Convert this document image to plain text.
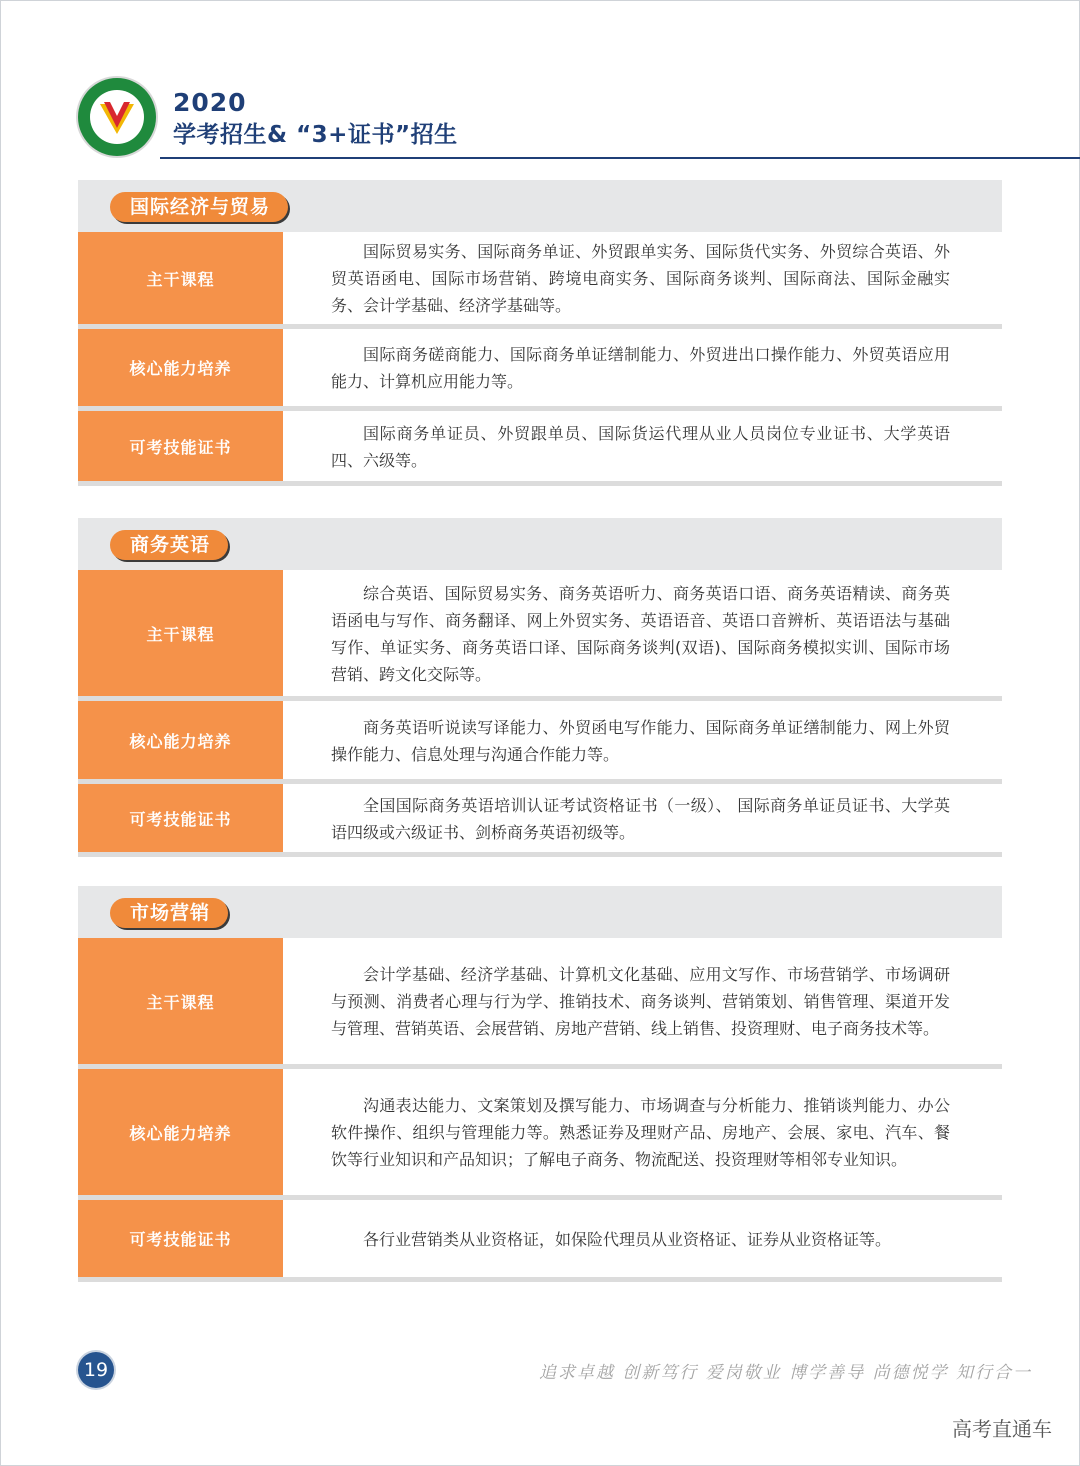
2020
学考招生& “3+证书”招生
国际经济与贸易
主干课程
国际贸易实务、国际商务单证、外贸跟单实务、国际货代实务、外贸综合英语、外贸英语函电、国际市场营销、跨境电商实务、国际商务谈判、国际商法、国际金融实务、会计学基础、经济学基础等。
核心能力培养
国际商务磋商能力、国际商务单证缮制能力、外贸进出口操作能力、外贸英语应用能力、计算机应用能力等。
可考技能证书
国际商务单证员、外贸跟单员、国际货运代理从业人员岗位专业证书、大学英语四、六级等。
商务英语
主干课程
综合英语、国际贸易实务、商务英语听力、商务英语口语、商务英语精读、商务英语函电与写作、商务翻译、网上外贸实务、英语语音、英语口音辨析、英语语法与基础写作、单证实务、商务英语口译、国际商务谈判(双语)、国际商务模拟实训、国际市场营销、跨文化交际等。
核心能力培养
商务英语听说读写译能力、外贸函电写作能力、国际商务单证缮制能力、网上外贸操作能力、信息处理与沟通合作能力等。
可考技能证书
全国国际商务英语培训认证考试资格证书（一级）、 国际商务单证员证书、大学英语四级或六级证书、剑桥商务英语初级等。
市场营销
主干课程
会计学基础、经济学基础、计算机文化基础、应用文写作、市场营销学、市场调研与预测、消费者心理与行为学、推销技术、商务谈判、营销策划、销售管理、渠道开发与管理、营销英语、会展营销、房地产营销、线上销售、投资理财、电子商务技术等。
核心能力培养
沟通表达能力、文案策划及撰写能力、市场调查与分析能力、推销谈判能力、办公软件操作、组织与管理能力等。熟悉证券及理财产品、房地产、会展、家电、汽车、餐饮等行业知识和产品知识；了解电子商务、物流配送、投资理财等相邻专业知识。
可考技能证书	各行业营销类从业资格证，如保险代理员从业资格证、证券从业资格证等。
19	追求卓越 创新笃行 爱岗敬业 博学善导 尚德悦学 知行合一
高考直通车
